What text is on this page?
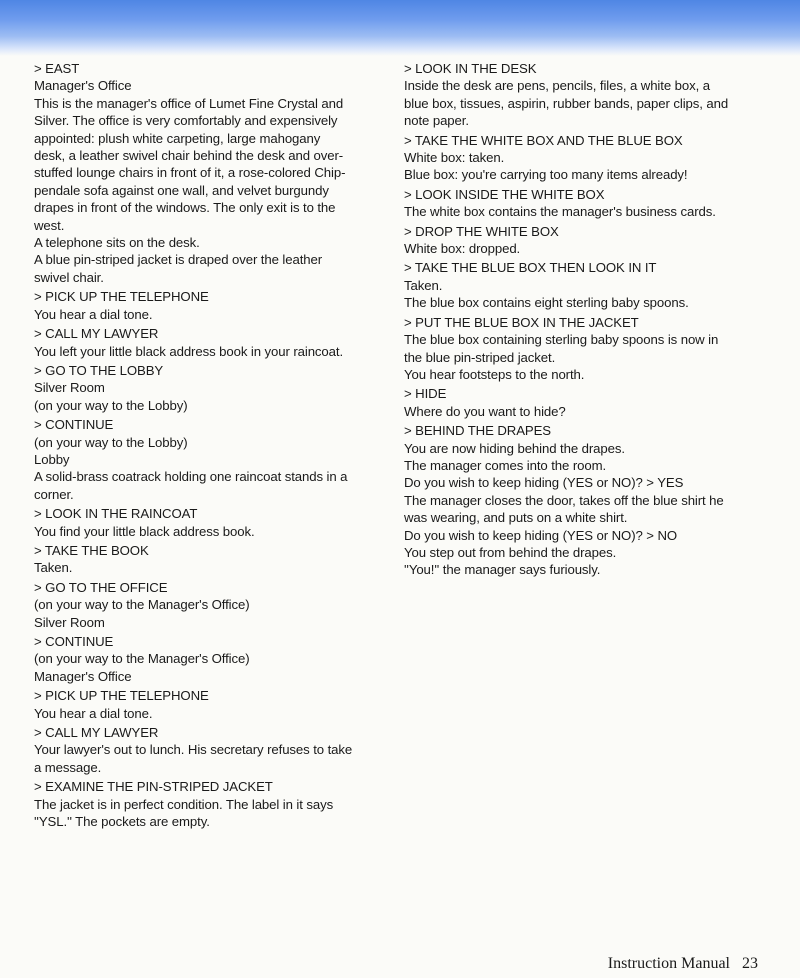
> EAST
Manager's Office
This is the manager's office of Lumet Fine Crystal and
Silver. The office is very comfortably and expensively
appointed: plush white carpeting, large mahogany
desk, a leather swivel chair behind the desk and over-
stuffed lounge chairs in front of it, a rose-colored Chip-
pendale sofa against one wall, and velvet burgundy
drapes in front of the windows. The only exit is to the
west.
A telephone sits on the desk.
A blue pin-striped jacket is draped over the leather
swivel chair.
> PICK UP THE TELEPHONE
You hear a dial tone.
> CALL MY LAWYER
You left your little black address book in your raincoat.
> GO TO THE LOBBY
Silver Room
(on your way to the Lobby)
> CONTINUE
(on your way to the Lobby)
Lobby
A solid-brass coatrack holding one raincoat stands in a
corner.
> LOOK IN THE RAINCOAT
You find your little black address book.
> TAKE THE BOOK
Taken.
> GO TO THE OFFICE
(on your way to the Manager's Office)
Silver Room
> CONTINUE
(on your way to the Manager's Office)
Manager's Office
> PICK UP THE TELEPHONE
You hear a dial tone.
> CALL MY LAWYER
Your lawyer's out to lunch. His secretary refuses to take
a message.
> EXAMINE THE PIN-STRIPED JACKET
The jacket is in perfect condition. The label in it says
''YSL.'' The pockets are empty.
> LOOK IN THE DESK
Inside the desk are pens, pencils, files, a white box, a
blue box, tissues, aspirin, rubber bands, paper clips, and
note paper.
> TAKE THE WHITE BOX AND THE BLUE BOX
White box: taken.
Blue box: you're carrying too many items already!
> LOOK INSIDE THE WHITE BOX
The white box contains the manager's business cards.
> DROP THE WHITE BOX
White box: dropped.
> TAKE THE BLUE BOX THEN LOOK IN IT
Taken.
The blue box contains eight sterling baby spoons.
> PUT THE BLUE BOX IN THE JACKET
The blue box containing sterling baby spoons is now in
the blue pin-striped jacket.
You hear footsteps to the north.
> HIDE
Where do you want to hide?
> BEHIND THE DRAPES
You are now hiding behind the drapes.
The manager comes into the room.
Do you wish to keep hiding (YES or NO)? > YES
The manager closes the door, takes off the blue shirt he
was wearing, and puts on a white shirt.
Do you wish to keep hiding (YES or NO)? > NO
You step out from behind the drapes.
''You!'' the manager says furiously.
Instruction Manual 23
